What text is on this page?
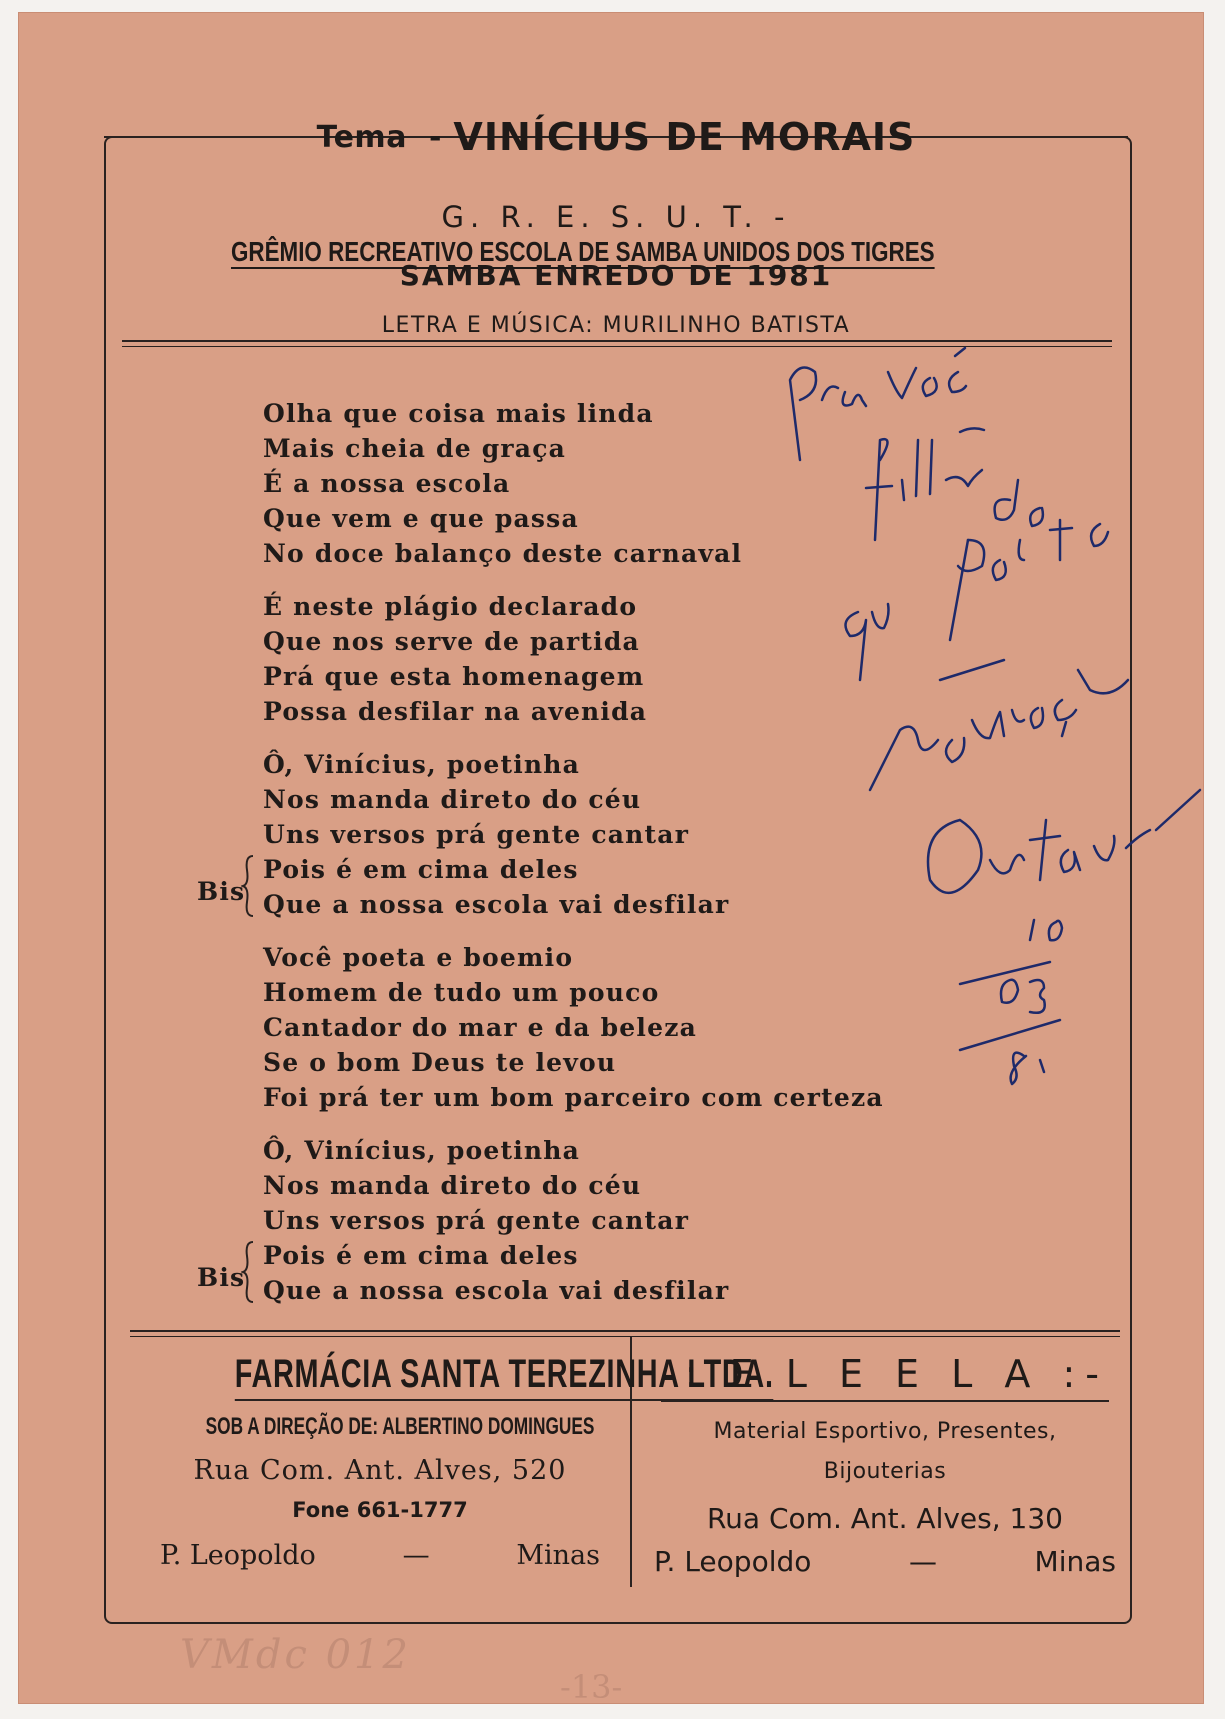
Tema - VINÍCIUS DE MORAIS
G. R. E. S. U. T. - GRÊMIO RECREATIVO ESCOLA DE SAMBA UNIDOS DOS TIGRES
SAMBA ENREDO DE 1981
LETRA E MÚSICA: MURILINHO BATISTA
Olha que coisa mais linda
Mais cheia de graça
É a nossa escola
Que vem e que passa
No doce balanço deste carnaval
É neste plágio declarado
Que nos serve de partida
Prá que esta homenagem
Possa desfilar na avenida
Ô, Vinícius, poetinha
Nos manda direto do céu
Uns versos prá gente cantar
Bis
Pois é em cima deles
Que a nossa escola vai desfilar
Você poeta e boemio
Homem de tudo um pouco
Cantador do mar e da beleza
Se o bom Deus te levou
Foi prá ter um bom parceiro com certeza
Ô, Vinícius, poetinha
Nos manda direto do céu
Uns versos prá gente cantar
Bis
Pois é em cima deles
Que a nossa escola vai desfilar
FARMÁCIA SANTA TEREZINHA LTDA.
SOB A DIREÇÃO DE: ALBERTINO DOMINGUES
Rua Com. Ant. Alves, 520
Fone 661-1777
P. Leopoldo	—	Minas
-: E L E E L A :-
Material Esportivo, Presentes,
Bijouterias
Rua Com. Ant. Alves, 130
P. Leopoldo	—	Minas
VMdc 012
-13-
